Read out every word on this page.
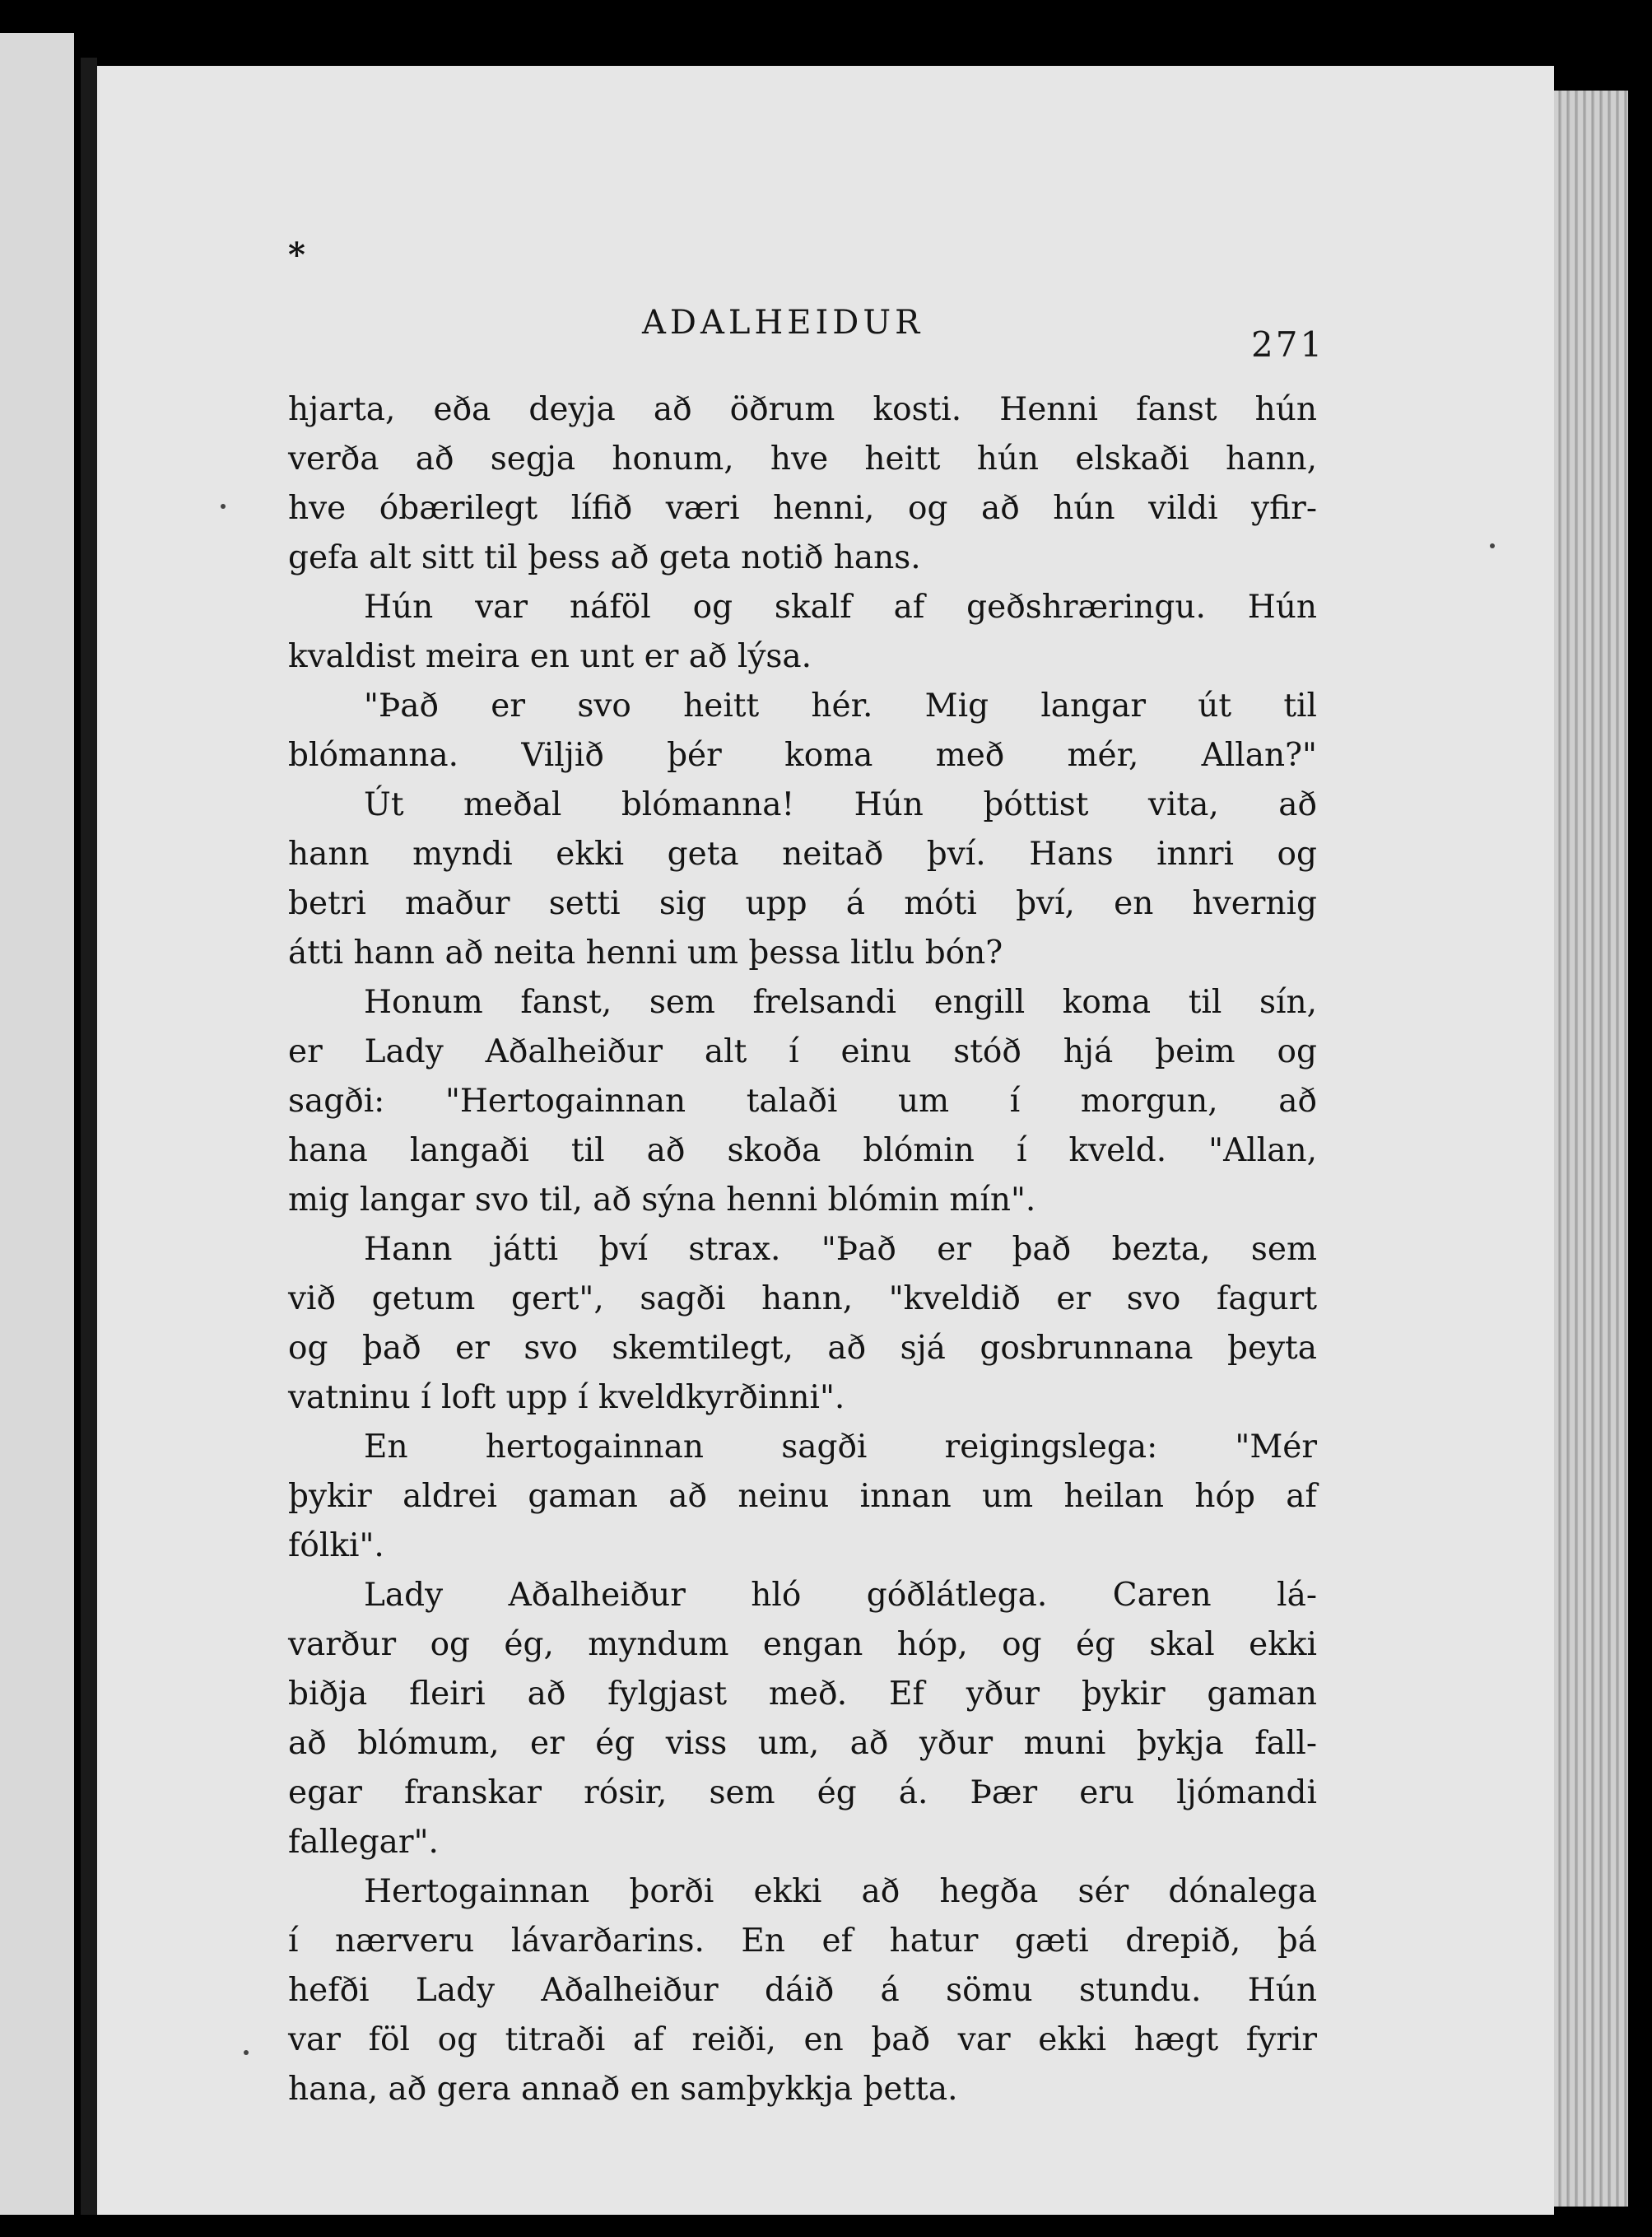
*
ADALHEIDUR
271
hjarta, eða deyja að öðrum kosti. Henni fanst hún
verða að segja honum, hve heitt hún elskaði hann,
hve óbærilegt lífið væri henni, og að hún vildi yfir-
gefa alt sitt til þess að geta notið hans.
Hún var náföl og skalf af geðshræringu. Hún
kvaldist meira en unt er að lýsa.
"Það er svo heitt hér. Mig langar út til
blómanna. Viljið þér koma með mér, Allan?"
Út meðal blómanna! Hún þóttist vita, að
hann myndi ekki geta neitað því. Hans innri og
betri maður setti sig upp á móti því, en hvernig
átti hann að neita henni um þessa litlu bón?
Honum fanst, sem frelsandi engill koma til sín,
er Lady Aðalheiður alt í einu stóð hjá þeim og
sagði: "Hertogainnan talaði um í morgun, að
hana langaði til að skoða blómin í kveld. "Allan,
mig langar svo til, að sýna henni blómin mín".
Hann játti því strax. "Það er það bezta, sem
við getum gert", sagði hann, "kveldið er svo fagurt
og það er svo skemtilegt, að sjá gosbrunnana þeyta
vatninu í loft upp í kveldkyrðinni".
En hertogainnan sagði reigingslega: "Mér
þykir aldrei gaman að neinu innan um heilan hóp af
fólki".
Lady Aðalheiður hló góðlátlega. Caren lá-
varður og ég, myndum engan hóp, og ég skal ekki
biðja fleiri að fylgjast með. Ef yður þykir gaman
að blómum, er ég viss um, að yður muni þykja fall-
egar franskar rósir, sem ég á. Þær eru ljómandi
fallegar".
Hertogainnan þorði ekki að hegða sér dónalega
í nærveru lávarðarins. En ef hatur gæti drepið, þá
hefði Lady Aðalheiður dáið á sömu stundu. Hún
var föl og titraði af reiði, en það var ekki hægt fyrir
hana, að gera annað en samþykkja þetta.
